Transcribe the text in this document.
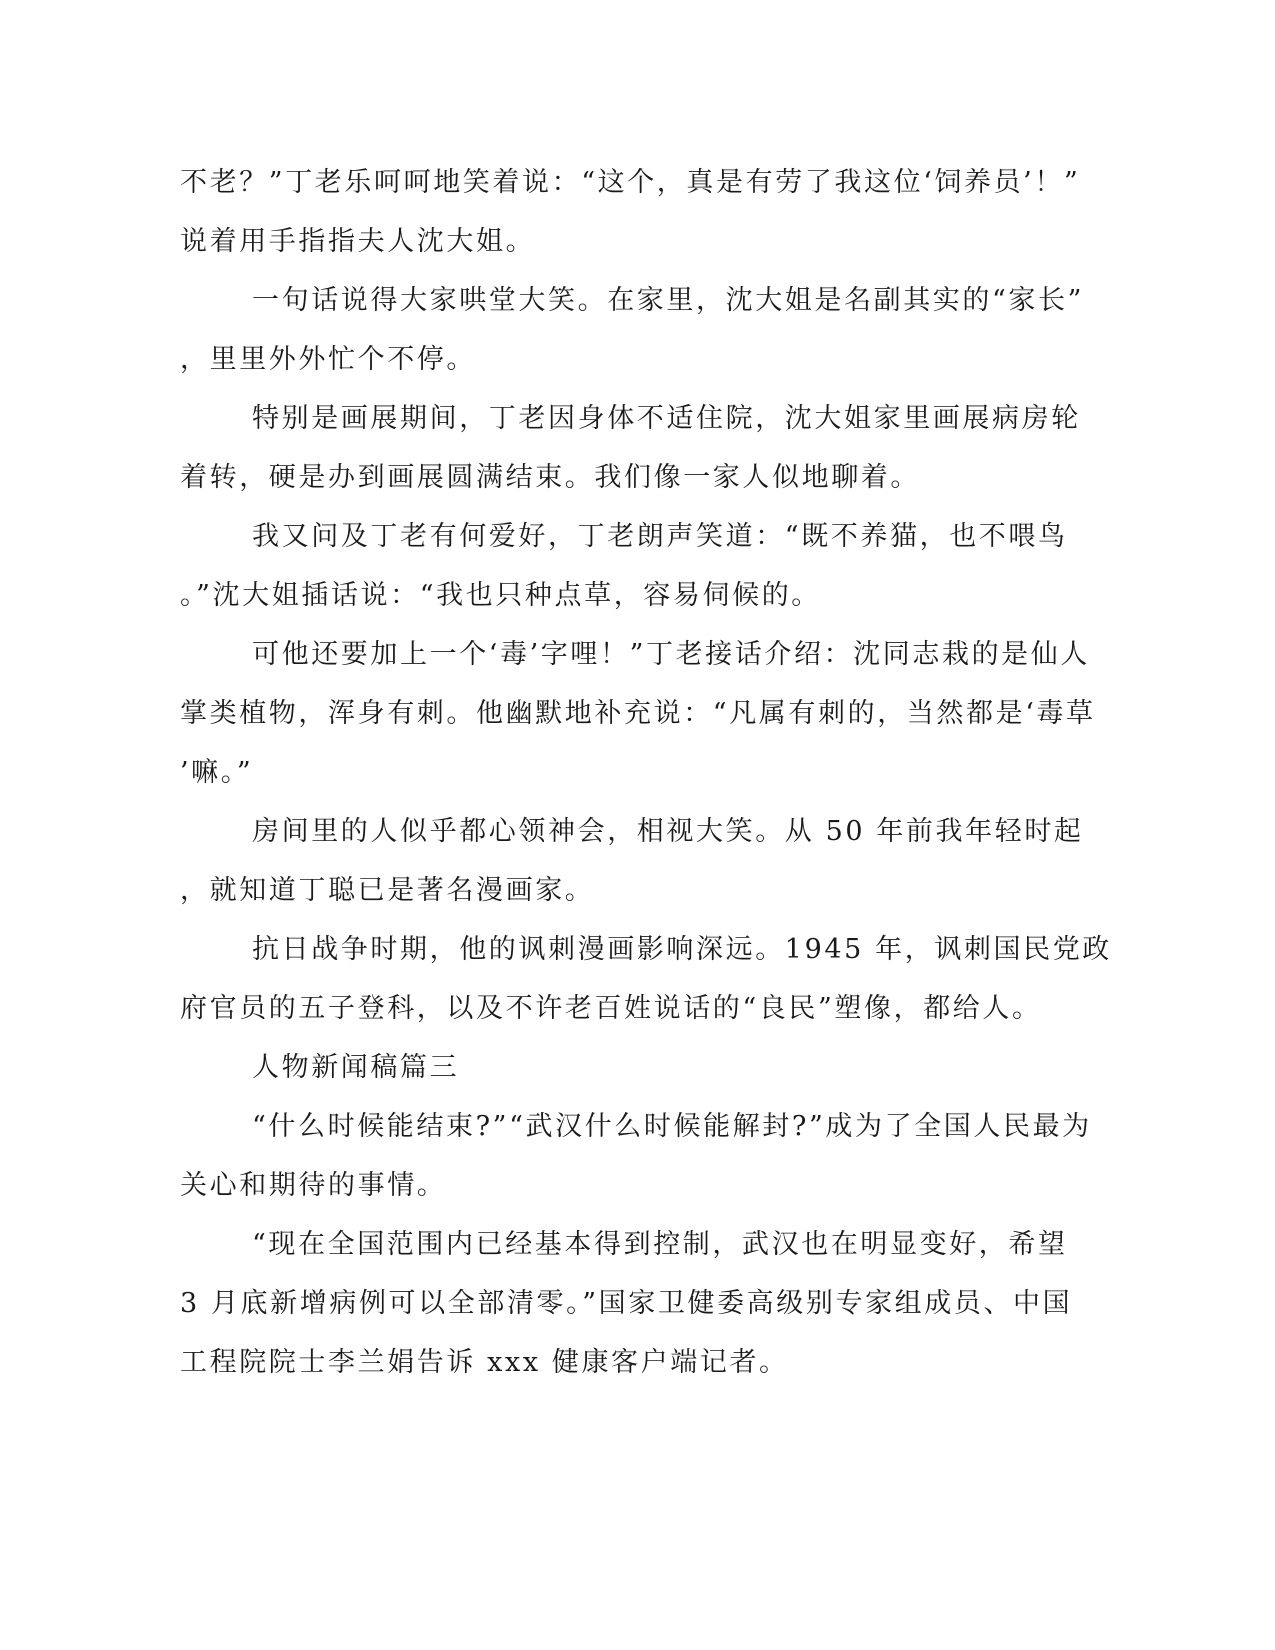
不老？”丁老乐呵呵地笑着说：“这个，真是有劳了我这位‘饲养员’！”
说着用手指指夫人沈大姐。
一句话说得大家哄堂大笑。在家里，沈大姐是名副其实的“家长”
，里里外外忙个不停。
特别是画展期间，丁老因身体不适住院，沈大姐家里画展病房轮
着转，硬是办到画展圆满结束。我们像一家人似地聊着。
我又问及丁老有何爱好，丁老朗声笑道：“既不养猫，也不喂鸟
。”沈大姐插话说：“我也只种点草，容易伺候的。
可他还要加上一个‘毒’字哩！”丁老接话介绍：沈同志栽的是仙人
掌类植物，浑身有刺。他幽默地补充说：“凡属有刺的，当然都是‘毒草
’嘛。”
房间里的人似乎都心领神会，相视大笑。从 50 年前我年轻时起
，就知道丁聪已是著名漫画家。
抗日战争时期，他的讽刺漫画影响深远。1945 年，讽刺国民党政
府官员的五子登科，以及不许老百姓说话的“良民”塑像，都给人。
人物新闻稿篇三
“什么时候能结束?”“武汉什么时候能解封?”成为了全国人民最为
关心和期待的事情。
“现在全国范围内已经基本得到控制，武汉也在明显变好，希望
3 月底新增病例可以全部清零。”国家卫健委高级别专家组成员、中国
工程院院士李兰娟告诉 xxx 健康客户端记者。
